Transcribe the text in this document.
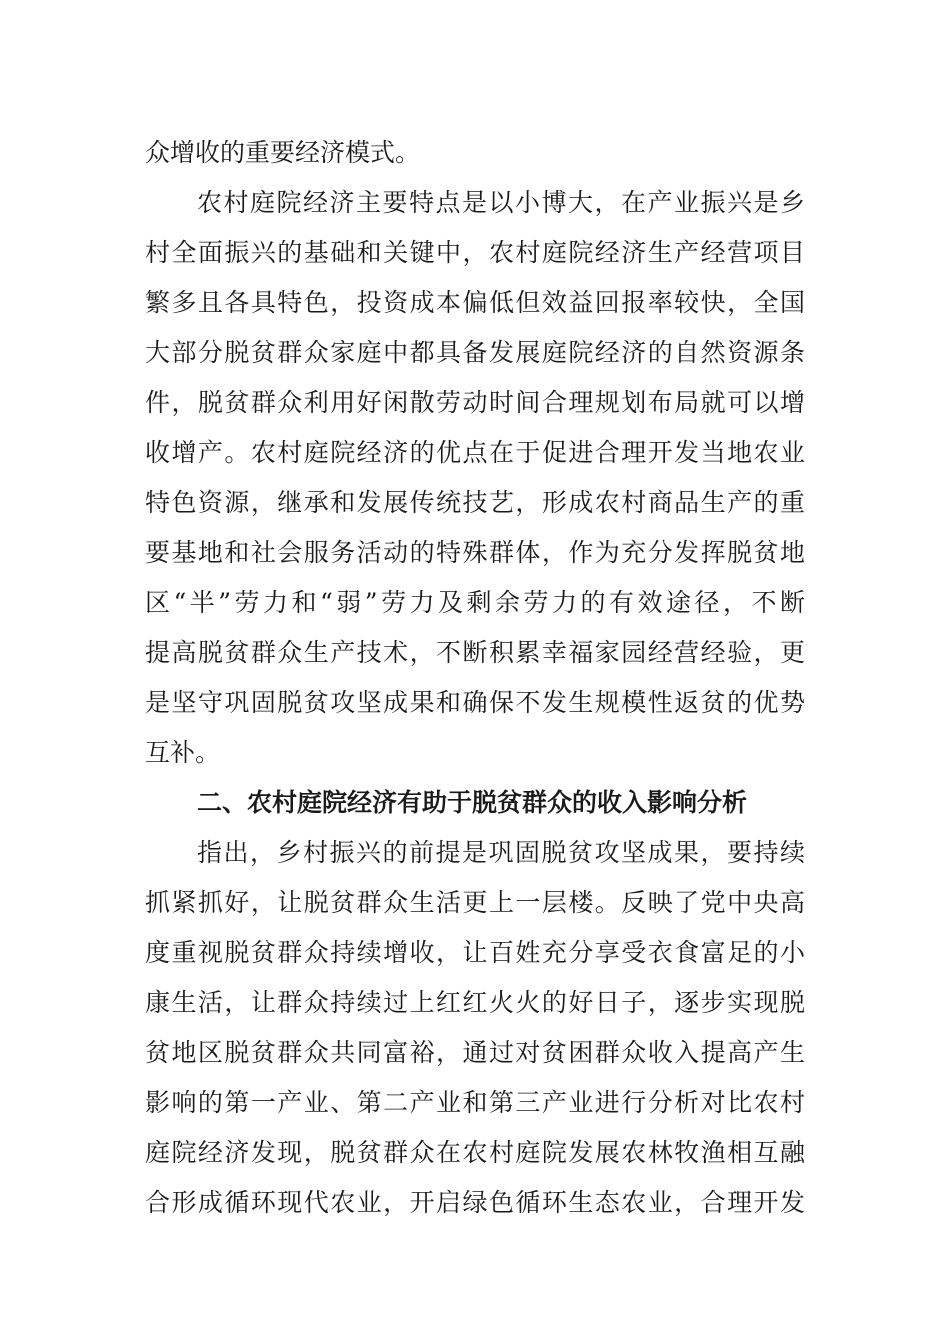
众增收的重要经济模式。
农村庭院经济主要特点是以小博大，在产业振兴是乡
村全面振兴的基础和关键中，农村庭院经济生产经营项目
繁多且各具特色，投资成本偏低但效益回报率较快，全国
大部分脱贫群众家庭中都具备发展庭院经济的自然资源条
件，脱贫群众利用好闲散劳动时间合理规划布局就可以增
收增产。农村庭院经济的优点在于促进合理开发当地农业
特色资源，继承和发展传统技艺，形成农村商品生产的重
要基地和社会服务活动的特殊群体，作为充分发挥脱贫地
区“半”劳力和“弱”劳力及剩余劳力的有效途径，不断
提高脱贫群众生产技术，不断积累幸福家园经营经验，更
是坚守巩固脱贫攻坚成果和确保不发生规模性返贫的优势
互补。
二、农村庭院经济有助于脱贫群众的收入影响分析
指出，乡村振兴的前提是巩固脱贫攻坚成果，要持续
抓紧抓好，让脱贫群众生活更上一层楼。反映了党中央高
度重视脱贫群众持续增收，让百姓充分享受衣食富足的小
康生活，让群众持续过上红红火火的好日子，逐步实现脱
贫地区脱贫群众共同富裕，通过对贫困群众收入提高产生
影响的第一产业、第二产业和第三产业进行分析对比农村
庭院经济发现，脱贫群众在农村庭院发展农林牧渔相互融
合形成循环现代农业，开启绿色循环生态农业，合理开发
